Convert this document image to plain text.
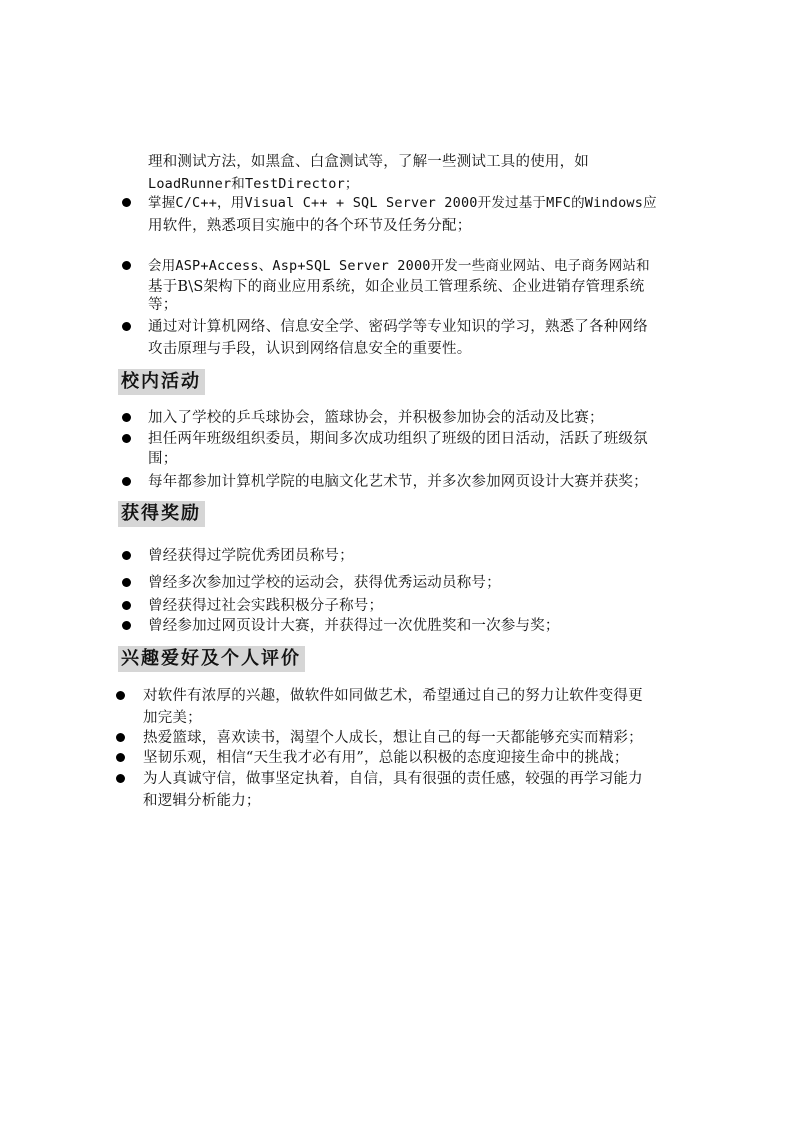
理和测试方法，如黑盒、白盒测试等，了解一些测试工具的使用，如
LoadRunner和TestDirector；
掌握C/C++，用Visual C++ + SQL Server 2000开发过基于MFC的Windows应
用软件，熟悉项目实施中的各个环节及任务分配；
会用ASP+Access、Asp+SQL Server 2000开发一些商业网站、电子商务网站和
基于B\S架构下的商业应用系统，如企业员工管理系统、企业进销存管理系统
等；
通过对计算机网络、信息安全学、密码学等专业知识的学习，熟悉了各种网络
攻击原理与手段，认识到网络信息安全的重要性。
校内活动
加入了学校的乒乓球协会，篮球协会，并积极参加协会的活动及比赛；
担任两年班级组织委员，期间多次成功组织了班级的团日活动，活跃了班级氛
围；
每年都参加计算机学院的电脑文化艺术节，并多次参加网页设计大赛并获奖；
获得奖励
曾经获得过学院优秀团员称号；
曾经多次参加过学校的运动会，获得优秀运动员称号；
曾经获得过社会实践积极分子称号；
曾经参加过网页设计大赛，并获得过一次优胜奖和一次参与奖；
兴趣爱好及个人评价
对软件有浓厚的兴趣，做软件如同做艺术，希望通过自己的努力让软件变得更
加完美；
热爱篮球，喜欢读书，渴望个人成长，想让自己的每一天都能够充实而精彩；
坚韧乐观，相信“天生我才必有用”，总能以积极的态度迎接生命中的挑战；
为人真诚守信，做事坚定执着，自信，具有很强的责任感，较强的再学习能力
和逻辑分析能力；
